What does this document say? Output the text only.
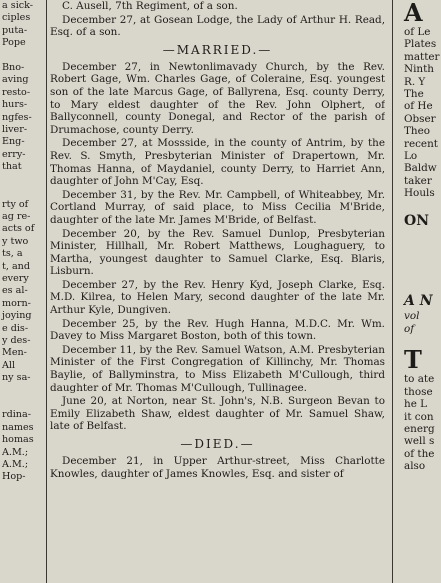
a sick-
ciples
puta-
Pope

Bno-
aving
resto-
hurs-
ngfes-
liver-
Eng-
erry-
that

rty of
ag re-
acts of
y two
ts, a
t, and
every
es al-
morn-
joying
e dis-
y des-
Men-
All
ny sa-

rdina-
names
homas
A.M.;
A.M.;
Hop-

C. Ausell, 7th Regiment, of a son.

December 27, at Gosean Lodge, the Lady of Arthur H. Read, Esq. of a son.

—MARRIED.—

December 27, in Newtonlimavady Church, by the Rev. Robert Gage, Wm. Charles Gage, of Coleraine, Esq. youngest son of the late Marcus Gage, of Ballyrena, Esq. county Derry, to Mary eldest daughter of the Rev. John Olphert, of Ballyconnell, county Donegal, and Rector of the parish of Drumachose, county Derry.

December 27, at Mossside, in the county of Antrim, by the Rev. S. Smyth, Presbyterian Minister of Drapertown, Mr. Thomas Hanna, of Maydaniel, county Derry, to Harriet Ann, daughter of John M'Cay, Esq.

December 31, by the Rev. Mr. Campbell, of Whiteabbey, Mr. Cortland Murray, of said place, to Miss Cecilia M'Bride, daughter of the late Mr. James M'Bride, of Belfast.

December 20, by the Rev. Samuel Dunlop, Presbyterian Minister, Hillhall, Mr. Robert Matthews, Loughaguery, to Martha, youngest daughter to Samuel Clarke, Esq. Blaris, Lisburn.

December 27, by the Rev. Henry Kyd, Joseph Clarke, Esq. M.D. Kilrea, to Helen Mary, second daughter of the late Mr. Arthur Kyle, Dungiven.

December 25, by the Rev. Hugh Hanna, M.D.C. Mr. Wm. Davey to Miss Margaret Boston, both of this town.

December 11, by the Rev. Samuel Watson, A.M. Presbyterian Minister of the First Congregation of Killinchy, Mr. Thomas Baylie, of Ballyminstra, to Miss Elizabeth M'Cullough, third daughter of Mr. Thomas M'Cullough, Tullinagee.

June 20, at Norton, near St. John's, N.B. Surgeon Bevan to Emily Elizabeth Shaw, eldest daughter of Mr. Samuel Shaw, late of Belfast.

—DIED.—

December 21, in Upper Arthur-street, Miss Charlotte Knowles, daughter of James Knowles, Esq. and sister of

A
of Le
Plates
matter
Ninth
R. Y
The
of He
Obser
Theo
recent
Lo
Baldw
taker
Houls

ON

A N
vol
of

T
to ate
those
he L
it con
energ
well s
of the
also
